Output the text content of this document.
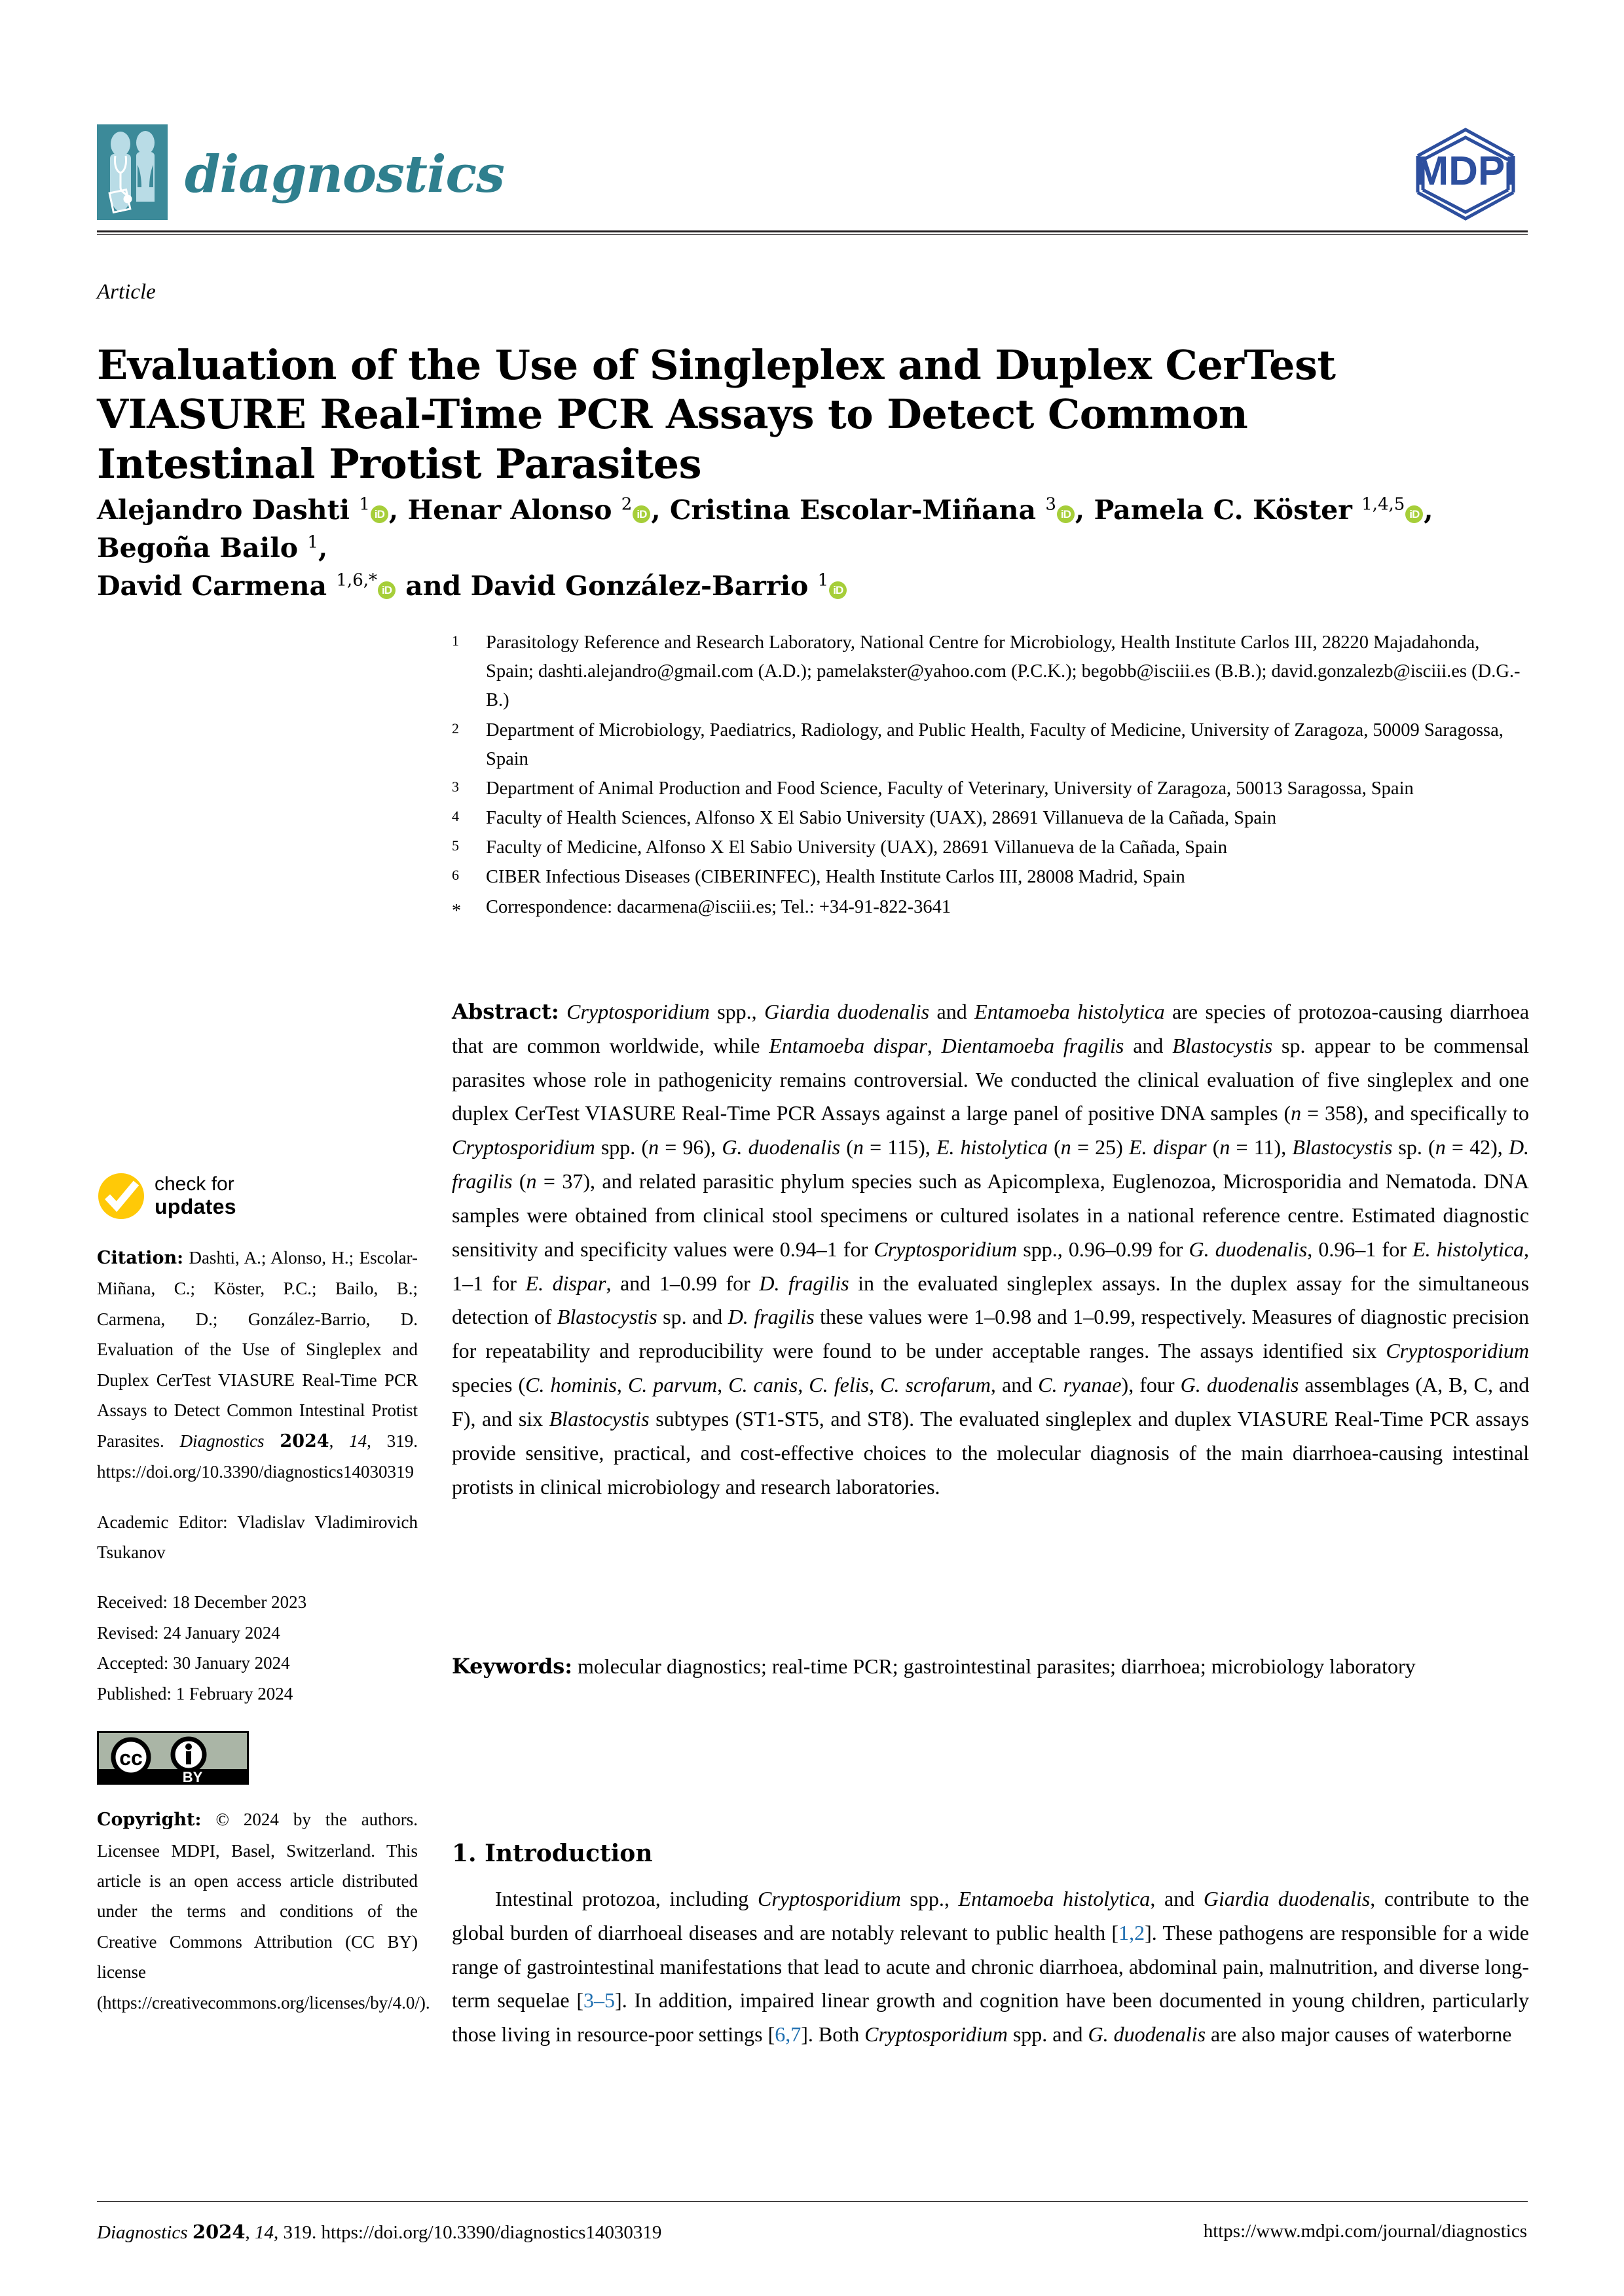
diagnostics	MDPI
Article
Evaluation of the Use of Singleplex and Duplex CerTest VIASURE Real-Time PCR Assays to Detect Common Intestinal Protist Parasites
Alejandro Dashti $^1$iD , Henar Alonso $^2$iD , Cristina Escolar-Miñana $^3$iD , Pamela C. Köster $^{1,4,5}$iD , Begoña Bailo $^1$,
David Carmena $^{1,6,*}$iD and David González-Barrio $^1$iD
1	Parasitology Reference and Research Laboratory, National Centre for Microbiology, Health Institute Carlos III, 28220 Majadahonda, Spain; dashti.alejandro@gmail.com (A.D.); pamelakster@yahoo.com (P.C.K.); begobb@isciii.es (B.B.); david.gonzalezb@isciii.es (D.G.-B.)
2	Department of Microbiology, Paediatrics, Radiology, and Public Health, Faculty of Medicine, University of Zaragoza, 50009 Saragossa, Spain
3	Department of Animal Production and Food Science, Faculty of Veterinary, University of Zaragoza, 50013 Saragossa, Spain
4	Faculty of Health Sciences, Alfonso X El Sabio University (UAX), 28691 Villanueva de la Cañada, Spain
5	Faculty of Medicine, Alfonso X El Sabio University (UAX), 28691 Villanueva de la Cañada, Spain
6	CIBER Infectious Diseases (CIBERINFEC), Health Institute Carlos III, 28008 Madrid, Spain
*	Correspondence: dacarmena@isciii.es; Tel.: +34-91-822-3641
Abstract: Cryptosporidium spp., Giardia duodenalis and Entamoeba histolytica are species of protozoa-causing diarrhoea that are common worldwide, while Entamoeba dispar, Dientamoeba fragilis and Blastocystis sp. appear to be commensal parasites whose role in pathogenicity remains controversial. We conducted the clinical evaluation of five singleplex and one duplex CerTest VIASURE Real-Time PCR Assays against a large panel of positive DNA samples (n = 358), and specifically to Cryptosporidium spp. (n = 96), G. duodenalis (n = 115), E. histolytica (n = 25) E. dispar (n = 11), Blastocystis sp. (n = 42), D. fragilis (n = 37), and related parasitic phylum species such as Apicomplexa, Euglenozoa, Microsporidia and Nematoda. DNA samples were obtained from clinical stool specimens or cultured isolates in a national reference centre. Estimated diagnostic sensitivity and specificity values were 0.94–1 for Cryptosporidium spp., 0.96–0.99 for G. duodenalis, 0.96–1 for E. histolytica, 1–1 for E. dispar, and 1–0.99 for D. fragilis in the evaluated singleplex assays. In the duplex assay for the simultaneous detection of Blastocystis sp. and D. fragilis these values were 1–0.98 and 1–0.99, respectively. Measures of diagnostic precision for repeatability and reproducibility were found to be under acceptable ranges. The assays identified six Cryptosporidium species (C. hominis, C. parvum, C. canis, C. felis, C. scrofarum, and C. ryanae), four G. duodenalis assemblages (A, B, C, and F), and six Blastocystis subtypes (ST1-ST5, and ST8). The evaluated singleplex and duplex VIASURE Real-Time PCR assays provide sensitive, practical, and cost-effective choices to the molecular diagnosis of the main diarrhoea-causing intestinal protists in clinical microbiology and research laboratories.
Keywords: molecular diagnostics; real-time PCR; gastrointestinal parasites; diarrhoea; microbiology laboratory
1. Introduction
Intestinal protozoa, including Cryptosporidium spp., Entamoeba histolytica, and Giardia duodenalis, contribute to the global burden of diarrhoeal diseases and are notably relevant to public health [1,2]. These pathogens are responsible for a wide range of gastrointestinal manifestations that lead to acute and chronic diarrhoea, abdominal pain, malnutrition, and diverse long-term sequelae [3–5]. In addition, impaired linear growth and cognition have been documented in young children, particularly those living in resource-poor settings [6,7]. Both Cryptosporidium spp. and G. duodenalis are also major causes of waterborne
check for
updates
Citation: Dashti, A.; Alonso, H.; Escolar-Miñana, C.; Köster, P.C.; Bailo, B.; Carmena, D.; González-Barrio, D. Evaluation of the Use of Singleplex and Duplex CerTest VIASURE Real-Time PCR Assays to Detect Common Intestinal Protist Parasites. Diagnostics 2024, 14, 319. https://doi.org/10.3390/diagnostics14030319
Academic Editor: Vladislav Vladimirovich Tsukanov
Received: 18 December 2023
Revised: 24 January 2024
Accepted: 30 January 2024
Published: 1 February 2024
cc
BY
Copyright: © 2024 by the authors. Licensee MDPI, Basel, Switzerland. This article is an open access article distributed under the terms and conditions of the Creative Commons Attribution (CC BY) license (https://creativecommons.org/licenses/by/4.0/).
Diagnostics 2024, 14, 319. https://doi.org/10.3390/diagnostics14030319	https://www.mdpi.com/journal/diagnostics
